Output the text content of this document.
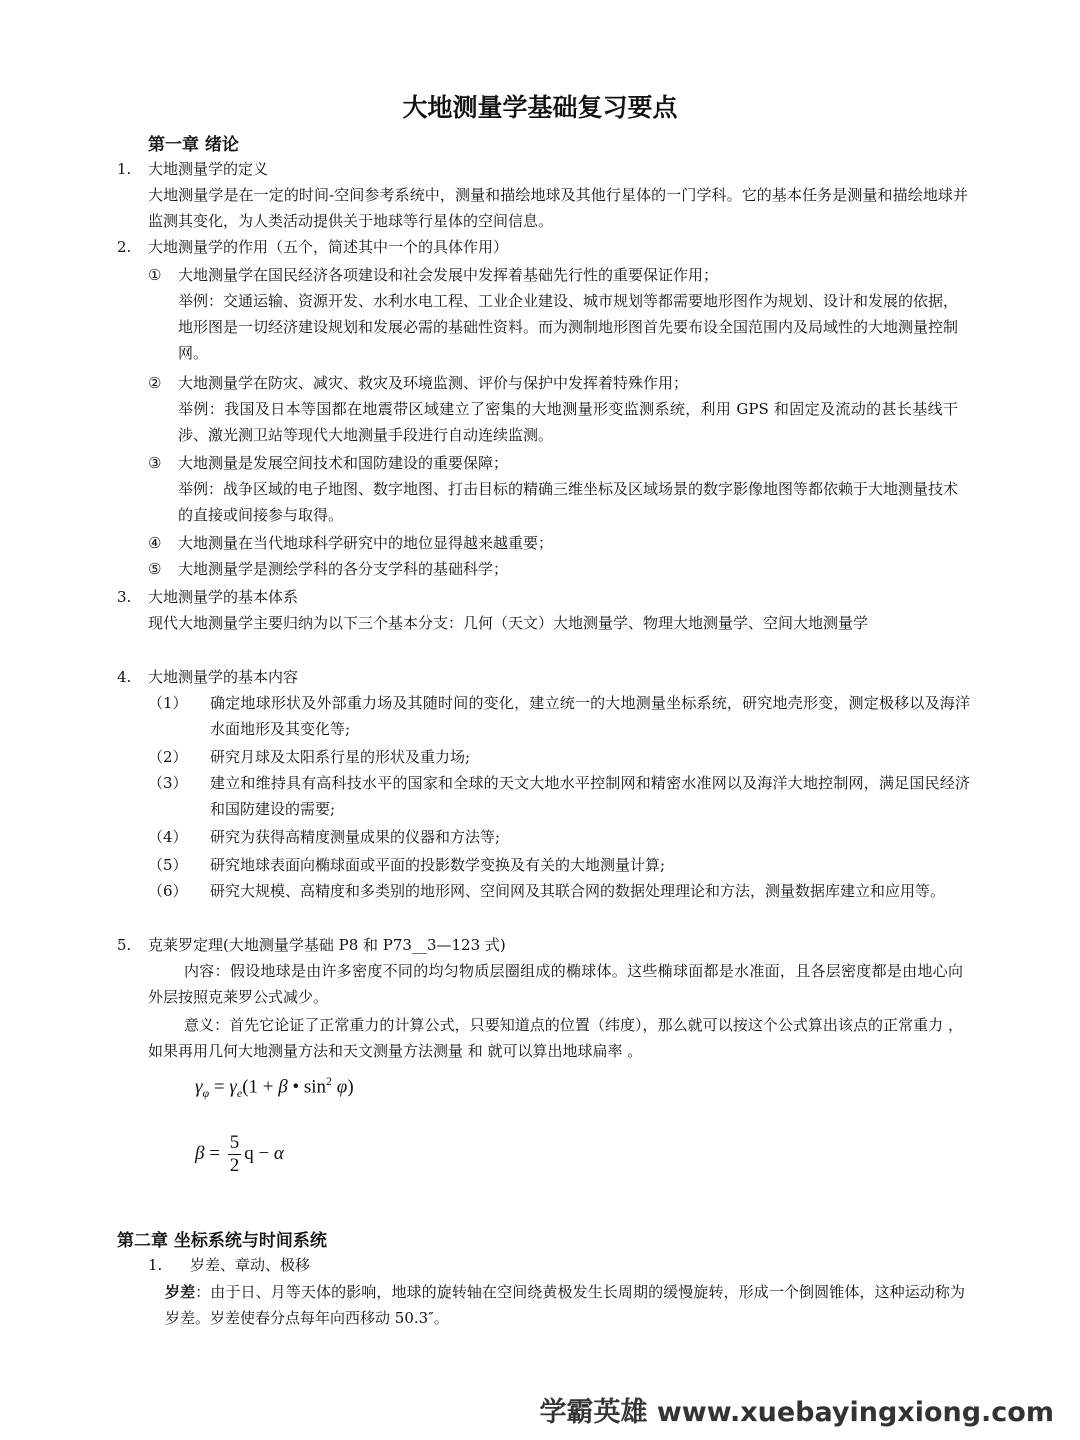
大地测量学基础复习要点
第一章 绪论
1. 大地测量学的定义
大地测量学是在一定的时间-空间参考系统中，测量和描绘地球及其他行星体的一门学科。它的基本任务是测量和描绘地球并监测其变化，为人类活动提供关于地球等行星体的空间信息。
2. 大地测量学的作用（五个，简述其中一个的具体作用）
① 大地测量学在国民经济各项建设和社会发展中发挥着基础先行性的重要保证作用；
举例：交通运输、资源开发、水利水电工程、工业企业建设、城市规划等都需要地形图作为规划、设计和发展的依据，地形图是一切经济建设规划和发展必需的基础性资料。而为测制地形图首先要布设全国范围内及局域性的大地测量控制网。
② 大地测量学在防灾、减灾、救灾及环境监测、评价与保护中发挥着特殊作用；
举例：我国及日本等国都在地震带区域建立了密集的大地测量形变监测系统，利用 GPS 和固定及流动的甚长基线干涉、激光测卫站等现代大地测量手段进行自动连续监测。
③ 大地测量是发展空间技术和国防建设的重要保障；
举例：战争区域的电子地图、数字地图、打击目标的精确三维坐标及区域场景的数字影像地图等都依赖于大地测量技术的直接或间接参与取得。
④ 大地测量在当代地球科学研究中的地位显得越来越重要；
⑤ 大地测量学是测绘学科的各分支学科的基础科学；
3. 大地测量学的基本体系
现代大地测量学主要归纳为以下三个基本分支：几何（天文）大地测量学、物理大地测量学、空间大地测量学
4. 大地测量学的基本内容
（1） 确定地球形状及外部重力场及其随时间的变化，建立统一的大地测量坐标系统，研究地壳形变，测定极移以及海洋水面地形及其变化等;
（2） 研究月球及太阳系行星的形状及重力场;
（3） 建立和维持具有高科技水平的国家和全球的天文大地水平控制网和精密水准网以及海洋大地控制网，满足国民经济和国防建设的需要;
（4） 研究为获得高精度测量成果的仪器和方法等;
（5） 研究地球表面向椭球面或平面的投影数学变换及有关的大地测量计算;
（6） 研究大规模、高精度和多类别的地形网、空间网及其联合网的数据处理理论和方法，测量数据库建立和应用等。
5. 克莱罗定理(大地测量学基础 P8 和 P73__3—123 式)
内容：假设地球是由许多密度不同的均匀物质层圈组成的椭球体。这些椭球面都是水准面，且各层密度都是由地心向外层按照克莱罗公式减少。
意义：首先它论证了正常重力的计算公式，只要知道点的位置（纬度），那么就可以按这个公式算出该点的正常重力 ，如果再用几何大地测量方法和天文测量方法测量 和 就可以算出地球扁率 。
$\gamma_\varphi = \gamma_e(1 + \beta$ • $\sin^2 \varphi$)
$\beta = \frac{5}{2}$ q − α
第二章 坐标系统与时间系统
1. 岁差、章动、极移
岁差：由于日、月等天体的影响，地球的旋转轴在空间绕黄极发生长周期的缓慢旋转，形成一个倒圆锥体，这种运动称为岁差。岁差使春分点每年向西移动 50.3″。
学霸英雄 www.xuebayingxiong.com
